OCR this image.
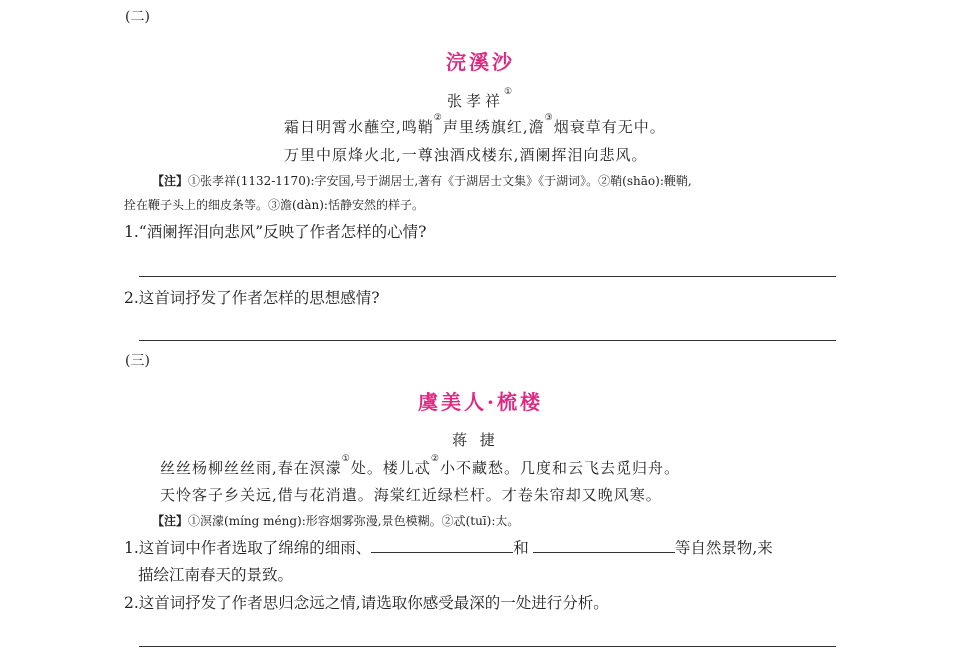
(二)
浣溪沙
张孝祥①
霜日明霄水蘸空,鸣鞘②声里绣旗红,澹③烟衰草有无中。
万里中原烽火北,一尊浊酒戍楼东,酒阑挥泪向悲风。
【注】①张孝祥(1132-1170):字安国,号于湖居士,著有《于湖居士文集》《于湖词》。②鞘(shāo):鞭鞘,
拴在鞭子头上的细皮条等。③澹(dàn):恬静安然的样子。
1.“酒阑挥泪向悲风”反映了作者怎样的心情?
2.这首词抒发了作者怎样的思想感情?
(三)
虞美人·梳楼
蒋 捷
丝丝杨柳丝丝雨,春在溟濛①处。楼儿忒②小不藏愁。几度和云飞去觅归舟。
天怜客子乡关远,借与花消遣。海棠红近绿栏杆。才卷朱帘却又晚风寒。
【注】①溟濛(míng méng):形容烟雾弥漫,景色模糊。②忒(tuī):太。
1.这首词中作者选取了绵绵的细雨、	和	等自然景物,来
描绘江南春天的景致。
2.这首词抒发了作者思归念远之情,请选取你感受最深的一处进行分析。
